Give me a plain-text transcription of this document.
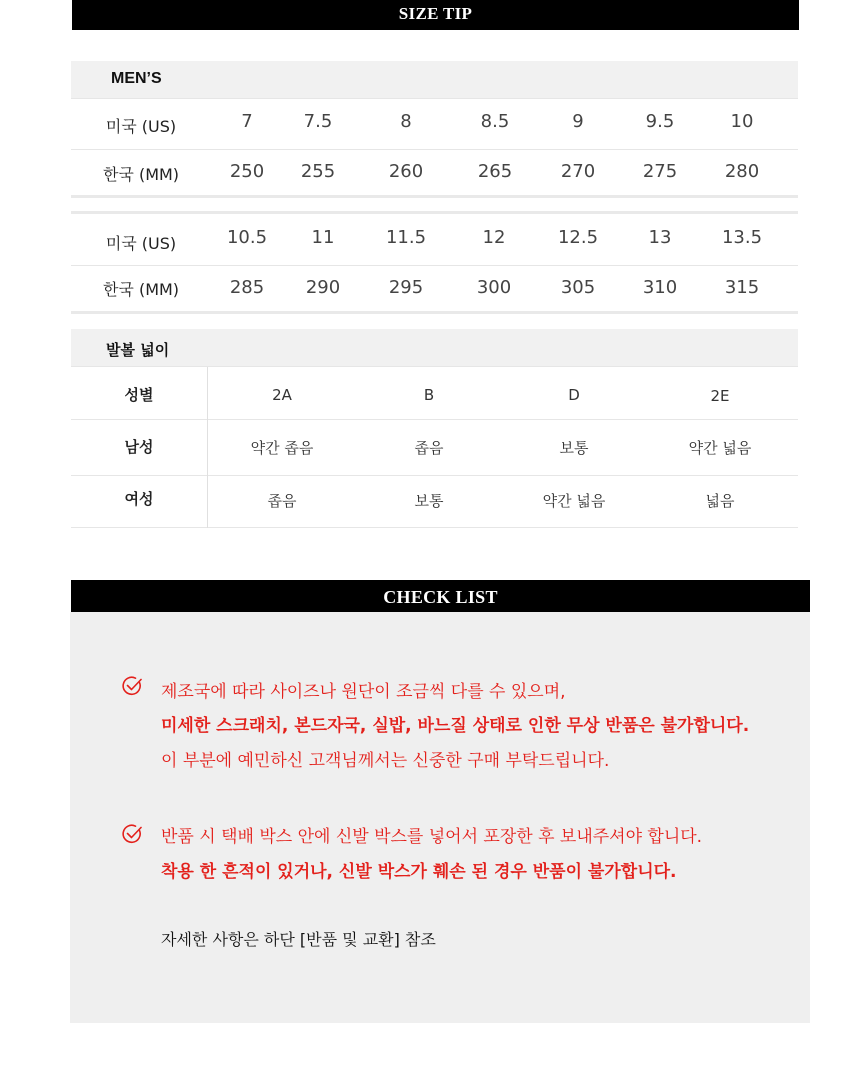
SIZE TIP
MEN’S
미국 (US)	7	7.5	8	8.5	9	9.5	10
한국 (MM)	250	255	260	265	270	275	280
미국 (US)	10.5	11	11.5	12	12.5	13	13.5
한국 (MM)	285	290	295	300	305	310	315
발볼 넓이
성별	2A	B	D	2E
남성	약간 좁음	좁음	보통	약간 넓음
여성	좁음	보통	약간 넓음	넓음
CHECK LIST
제조국에 따라 사이즈나 원단이 조금씩 다를 수 있으며,
미세한 스크래치, 본드자국, 실밥, 바느질 상태로 인한 무상 반품은 불가합니다.
이 부분에 예민하신 고객님께서는 신중한 구매 부탁드립니다.
반품 시 택배 박스 안에 신발 박스를 넣어서 포장한 후 보내주셔야 합니다.
착용 한 흔적이 있거나, 신발 박스가 훼손 된 경우 반품이 불가합니다.
자세한 사항은 하단 [반품 및 교환] 참조
